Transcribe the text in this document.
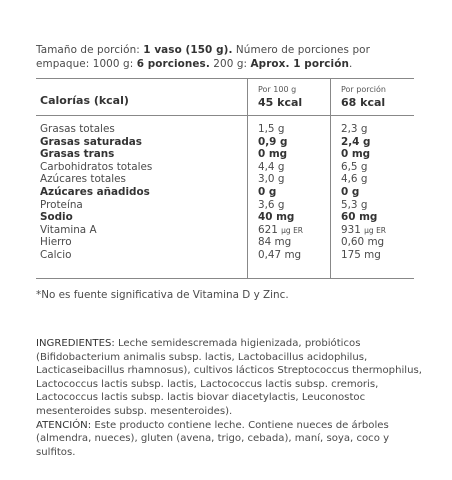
Tamaño de porción: 1 vaso (150 g). Número de porciones por
empaque: 1000 g: 6 porciones. 200 g: Aprox. 1 porción.
Calorías (kcal)
Por 100 g	Por porción
45 kcal	68 kcal
Grasas totales	1,5 g	2,3 g
Grasas saturadas	0,9 g	2,4 g
Grasas trans	0 mg	0 mg
Carbohidratos totales	4,4 g	6,5 g
Azúcares totales	3,0 g	4,6 g
Azúcares añadidos	0 g	0 g
Proteína	3,6 g	5,3 g
Sodio	40 mg	60 mg
Vitamina A	621 µg ER	931 µg ER
Hierro	84 mg	0,60 mg
Calcio	0,47 mg	175 mg
*No es fuente significativa de Vitamina D y Zinc.
INGREDIENTES: Leche semidescremada higienizada, probióticos (Bifidobacterium animalis subsp. lactis, Lactobacillus acidophilus, Lacticaseibacillus rhamnosus), cultivos lácticos Streptococcus thermophilus, Lactococcus lactis subsp. lactis, Lactococcus lactis subsp. cremoris, Lactococcus lactis subsp. lactis biovar diacetylactis, Leuconostoc mesenteroides subsp. mesenteroides).
ATENCIÓN: Este producto contiene leche. Contiene nueces de árboles (almendra, nueces), gluten (avena, trigo, cebada), maní, soya, coco y sulfitos.
